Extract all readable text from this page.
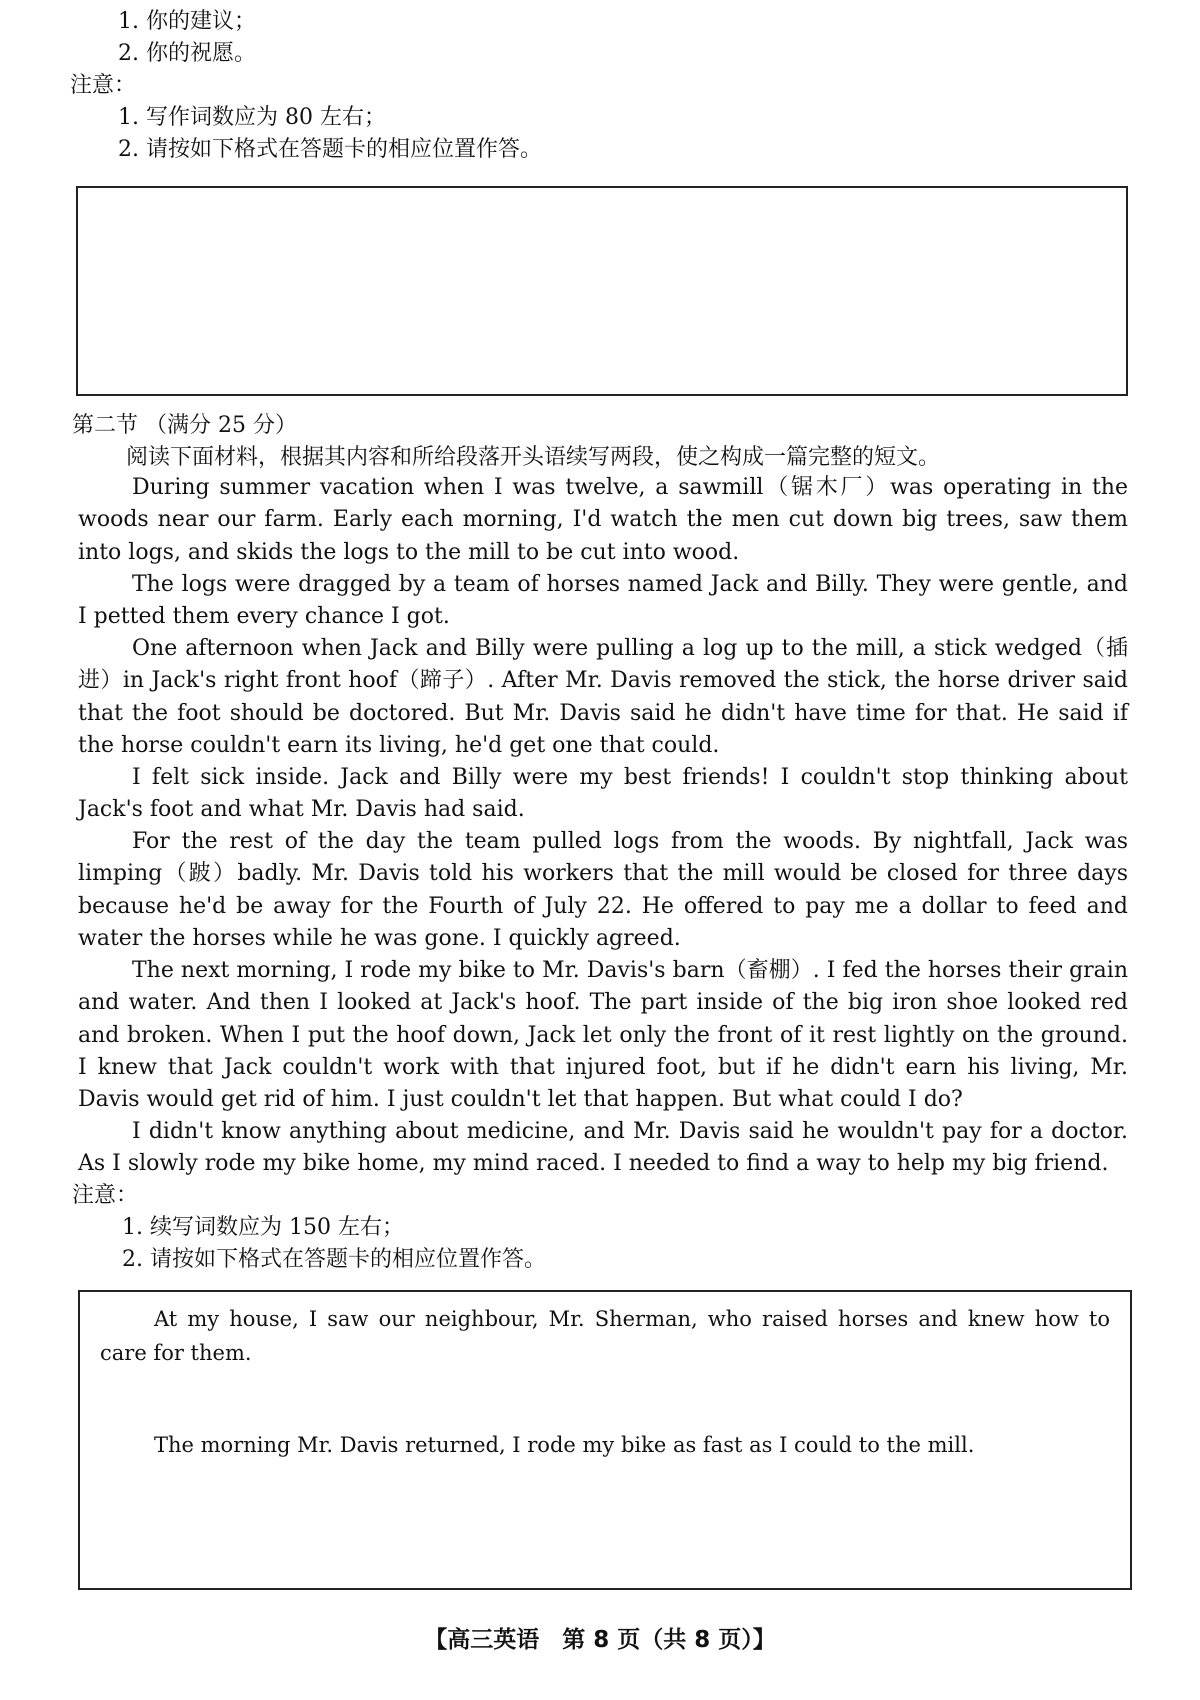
1. 你的建议；
2. 你的祝愿。
注意：
1. 写作词数应为 80 左右；
2. 请按如下格式在答题卡的相应位置作答。
第二节 （满分 25 分）
阅读下面材料，根据其内容和所给段落开头语续写两段，使之构成一篇完整的短文。
During summer vacation when I was twelve, a sawmill（锯木厂）was operating in the woods near our farm. Early each morning, I'd watch the men cut down big trees, saw them into logs, and skids the logs to the mill to be cut into wood.
The logs were dragged by a team of horses named Jack and Billy. They were gentle, and I petted them every chance I got.
One afternoon when Jack and Billy were pulling a log up to the mill, a stick wedged（插进）in Jack's right front hoof（蹄子）. After Mr. Davis removed the stick, the horse driver said that the foot should be doctored. But Mr. Davis said he didn't have time for that. He said if the horse couldn't earn its living, he'd get one that could.
I felt sick inside. Jack and Billy were my best friends! I couldn't stop thinking about Jack's foot and what Mr. Davis had said.
For the rest of the day the team pulled logs from the woods. By nightfall, Jack was limping（跛）badly. Mr. Davis told his workers that the mill would be closed for three days because he'd be away for the Fourth of July 22. He offered to pay me a dollar to feed and water the horses while he was gone. I quickly agreed.
The next morning, I rode my bike to Mr. Davis's barn（畜棚）. I fed the horses their grain and water. And then I looked at Jack's hoof. The part inside of the big iron shoe looked red and broken. When I put the hoof down, Jack let only the front of it rest lightly on the ground. I knew that Jack couldn't work with that injured foot, but if he didn't earn his living, Mr. Davis would get rid of him. I just couldn't let that happen. But what could I do?
I didn't know anything about medicine, and Mr. Davis said he wouldn't pay for a doctor. As I slowly rode my bike home, my mind raced. I needed to find a way to help my big friend.
注意：
1. 续写词数应为 150 左右；
2. 请按如下格式在答题卡的相应位置作答。
At my house, I saw our neighbour, Mr. Sherman, who raised horses and knew how to care for them.
The morning Mr. Davis returned, I rode my bike as fast as I could to the mill.
【高三英语　第 8 页（共 8 页）】
